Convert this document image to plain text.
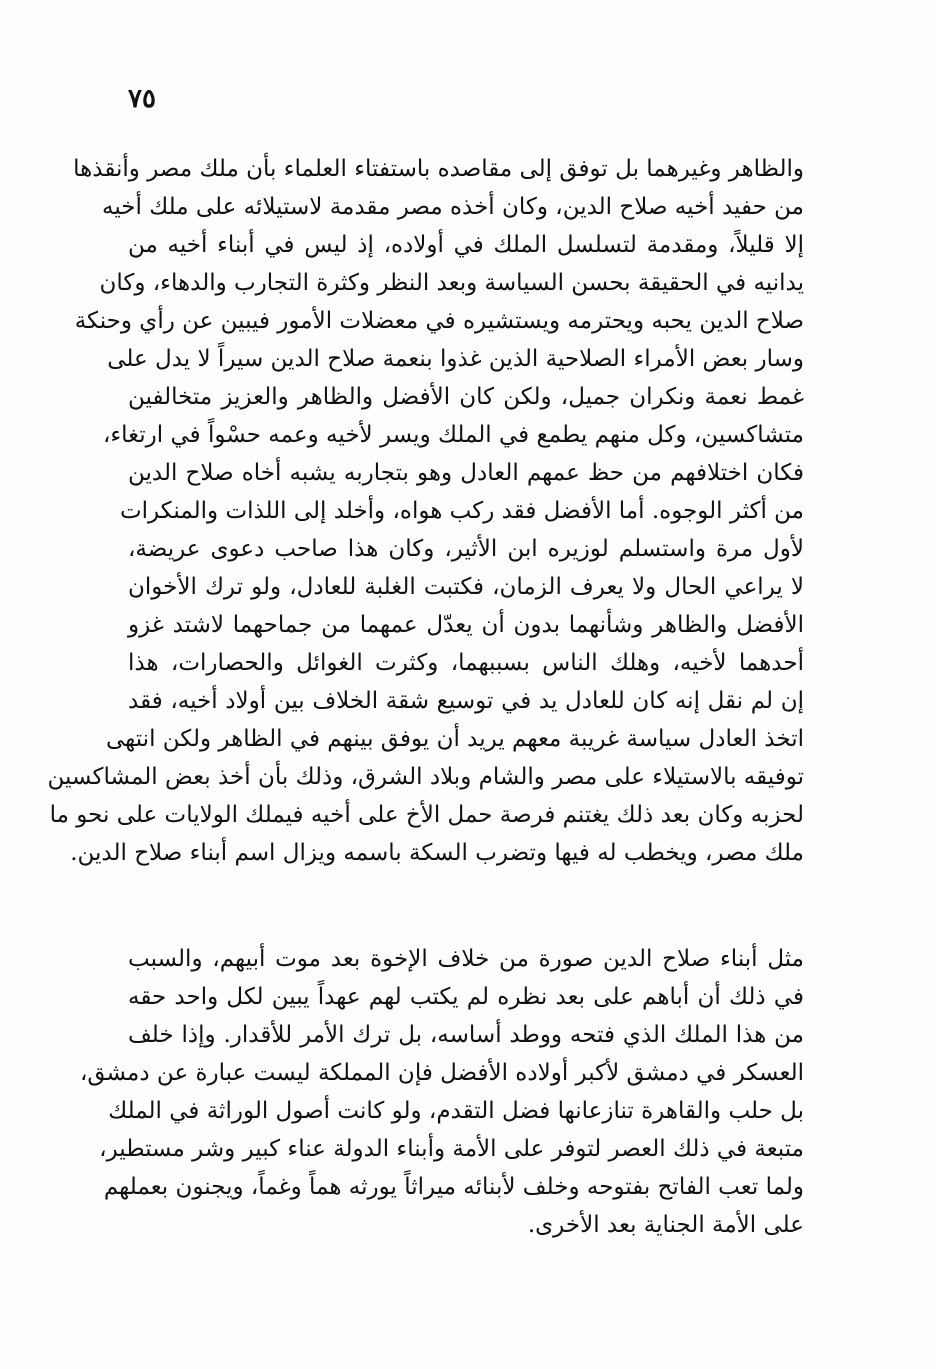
٧٥
والظاهر وغيرهما بل توفق إلى مقاصده باستفتاء العلماء بأن ملك مصر وأنقذها
من حفيد أخيه صلاح الدين، وكان أخذه مصر مقدمة لاستيلائه على ملك أخيه
إلا قليلاً، ومقدمة لتسلسل الملك في أولاده، إذ ليس في أبناء أخيه من
يدانيه في الحقيقة بحسن السياسة وبعد النظر وكثرة التجارب والدهاء، وكان
صلاح الدين يحبه ويحترمه ويستشيره في معضلات الأمور فيبين عن رأي وحنكة
وسار بعض الأمراء الصلاحية الذين غذوا بنعمة صلاح الدين سيراً لا يدل على
غمط نعمة ونكران جميل، ولكن كان الأفضل والظاهر والعزيز متخالفين
متشاكسين، وكل منهم يطمع في الملك ويسر لأخيه وعمه حسْواً في ارتغاء،
فكان اختلافهم من حظ عمهم العادل وهو بتجاربه يشبه أخاه صلاح الدين
من أكثر الوجوه. أما الأفضل فقد ركب هواه، وأخلد إلى اللذات والمنكرات
لأول مرة واستسلم لوزيره ابن الأثير، وكان هذا صاحب دعوى عريضة،
لا يراعي الحال ولا يعرف الزمان، فكتبت الغلبة للعادل، ولو ترك الأخوان
الأفضل والظاهر وشأنهما بدون أن يعدّل عمهما من جماحهما لاشتد غزو
أحدهما لأخيه، وهلك الناس بسببهما، وكثرت الغوائل والحصارات، هذا
إن لم نقل إنه كان للعادل يد في توسيع شقة الخلاف بين أولاد أخيه، فقد
اتخذ العادل سياسة غريبة معهم يريد أن يوفق بينهم في الظاهر ولكن انتهى
توفيقه بالاستيلاء على مصر والشام وبلاد الشرق، وذلك بأن أخذ بعض المشاكسين
لحزبه وكان بعد ذلك يغتنم فرصة حمل الأخ على أخيه فيملك الولايات على نحو ما
ملك مصر، ويخطب له فيها وتضرب السكة باسمه ويزال اسم أبناء صلاح الدين.
مثل أبناء صلاح الدين صورة من خلاف الإخوة بعد موت أبيهم، والسبب
في ذلك أن أباهم على بعد نظره لم يكتب لهم عهداً يبين لكل واحد حقه
من هذا الملك الذي فتحه ووطد أساسه، بل ترك الأمر للأقدار. وإذا خلف
العسكر في دمشق لأكبر أولاده الأفضل فإن المملكة ليست عبارة عن دمشق،
بل حلب والقاهرة تنازعانها فضل التقدم، ولو كانت أصول الوراثة في الملك
متبعة في ذلك العصر لتوفر على الأمة وأبناء الدولة عناء كبير وشر مستطير،
ولما تعب الفاتح بفتوحه وخلف لأبنائه ميراثاً يورثه هماً وغماً، ويجنون بعملهم
على الأمة الجناية بعد الأخرى.
